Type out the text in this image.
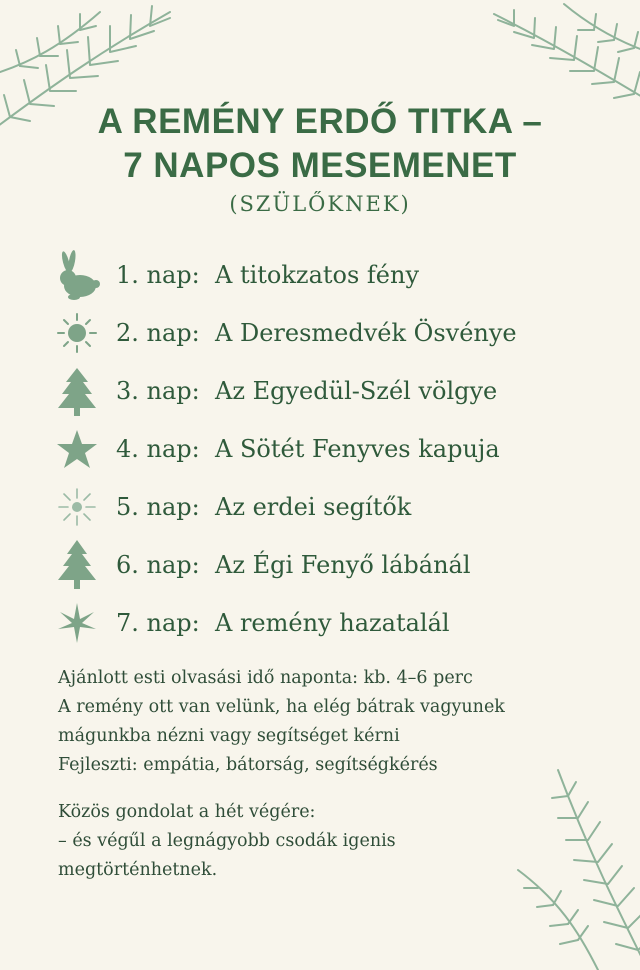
A REMÉNY ERDŐ TITKA –
7 NAPOS MESEMENET
(SZÜLŐKNEK)
1. nap:  A titokzatos fény
2. nap:  A Deresmedvék Ösvénye
3. nap:  Az Egyedül-Szél völgye
4. nap:  A Sötét Fenyves kapuja
5. nap:  Az erdei segítők
6. nap:  Az Égi Fenyő lábánál
7. nap:  A remény hazatalál
Ajánlott esti olvasási idő naponta: kb. 4–6 perc
A remény ott van velünk, ha elég bátrak vagyunek
mágunkba nézni vagy segítséget kérni
Fejleszti: empátia, bátorság, segítségkérés
Közös gondolat a hét végére:
– és végűl a legnágyobb csodák igenis
megtörténhetnek.
